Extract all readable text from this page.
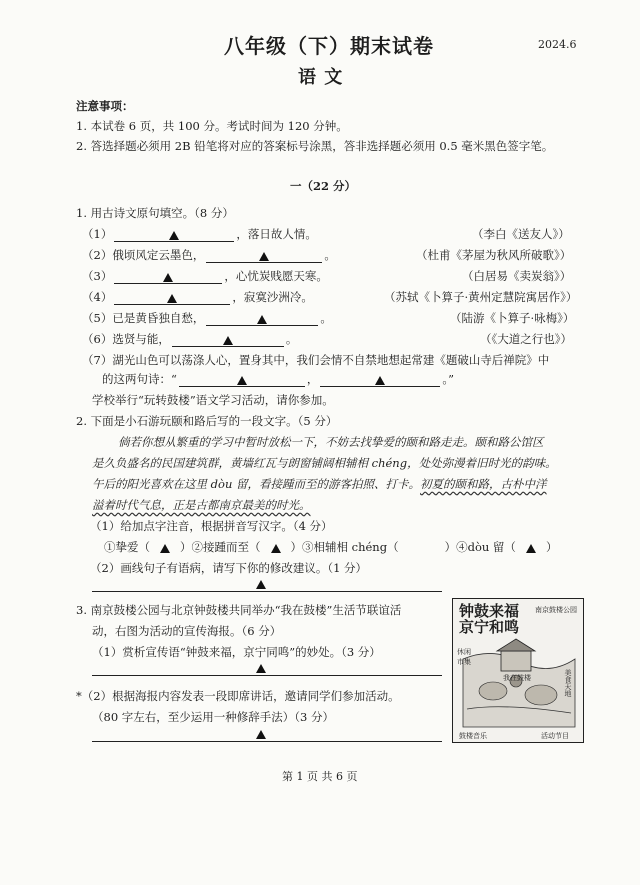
八年级（下）期末试卷	2024.6
语 文
注意事项：
1. 本试卷 6 页，共 100 分。考试时间为 120 分钟。
2. 答选择题必须用 2B 铅笔将对应的答案标号涂黑，答非选择题必须用 0.5 毫米黑色签字笔。
一（22 分）
1. 用古诗文原句填空。（8 分）
（1）	，落日故人情。	（李白《送友人》）
（2）俄顷风定云墨色，	。	（杜甫《茅屋为秋风所破歌》）
（3）	，心忧炭贱愿天寒。	（白居易《卖炭翁》）
（4）	，寂寞沙洲冷。	（苏轼《卜算子·黄州定慧院寓居作》）
（5）已是黄昏独自愁，	。	（陆游《卜算子·咏梅》）
（6）选贤与能，	。	（《大道之行也》）
（7）湖光山色可以荡涤人心，置身其中，我们会情不自禁地想起常建《题破山寺后禅院》中
的这两句诗：“	，	。”
学校举行“玩转鼓楼”语文学习活动，请你参加。
2. 下面是小石游玩颐和路后写的一段文字。（5 分）
倘若你想从繁重的学习中暂时放松一下，不妨去找挚爱的颐和路走走。颐和路公馆区
是久负盛名的民国建筑群，黄墙红瓦与朗窗铺阔相辅相 chéng，处处弥漫着旧时光的韵味。
午后的阳光喜欢在这里 dòu 留，看接踵而至的游客拍照、打卡。初夏的颐和路，古朴中洋
溢着时代气息，正是古都南京最美的时光。
（1）给加点字注音，根据拼音写汉字。（4 分）
①挚爱（	）②接踵而至（	）③相辅相 chéng（	）④dòu 留（	）
（2）画线句子有语病，请写下你的修改建议。（1 分）
3. 南京鼓楼公园与北京钟鼓楼共同举办“我在鼓楼”生活节联谊活
动，右图为活动的宣传海报。（6 分）
（1）赏析宣传语“钟鼓来福，京宁同鸣”的妙处。（3 分）
*（2）根据海报内容发表一段即席讲话，邀请同学们参加活动。
（80 字左右，至少运用一种修辞手法）（3 分）
钟鼓来福
京宁和鸣
南京鼓楼公园
休闲
市集
美食天地
我在鼓楼
鼓楼音乐	活动节目
第 1 页 共 6 页
